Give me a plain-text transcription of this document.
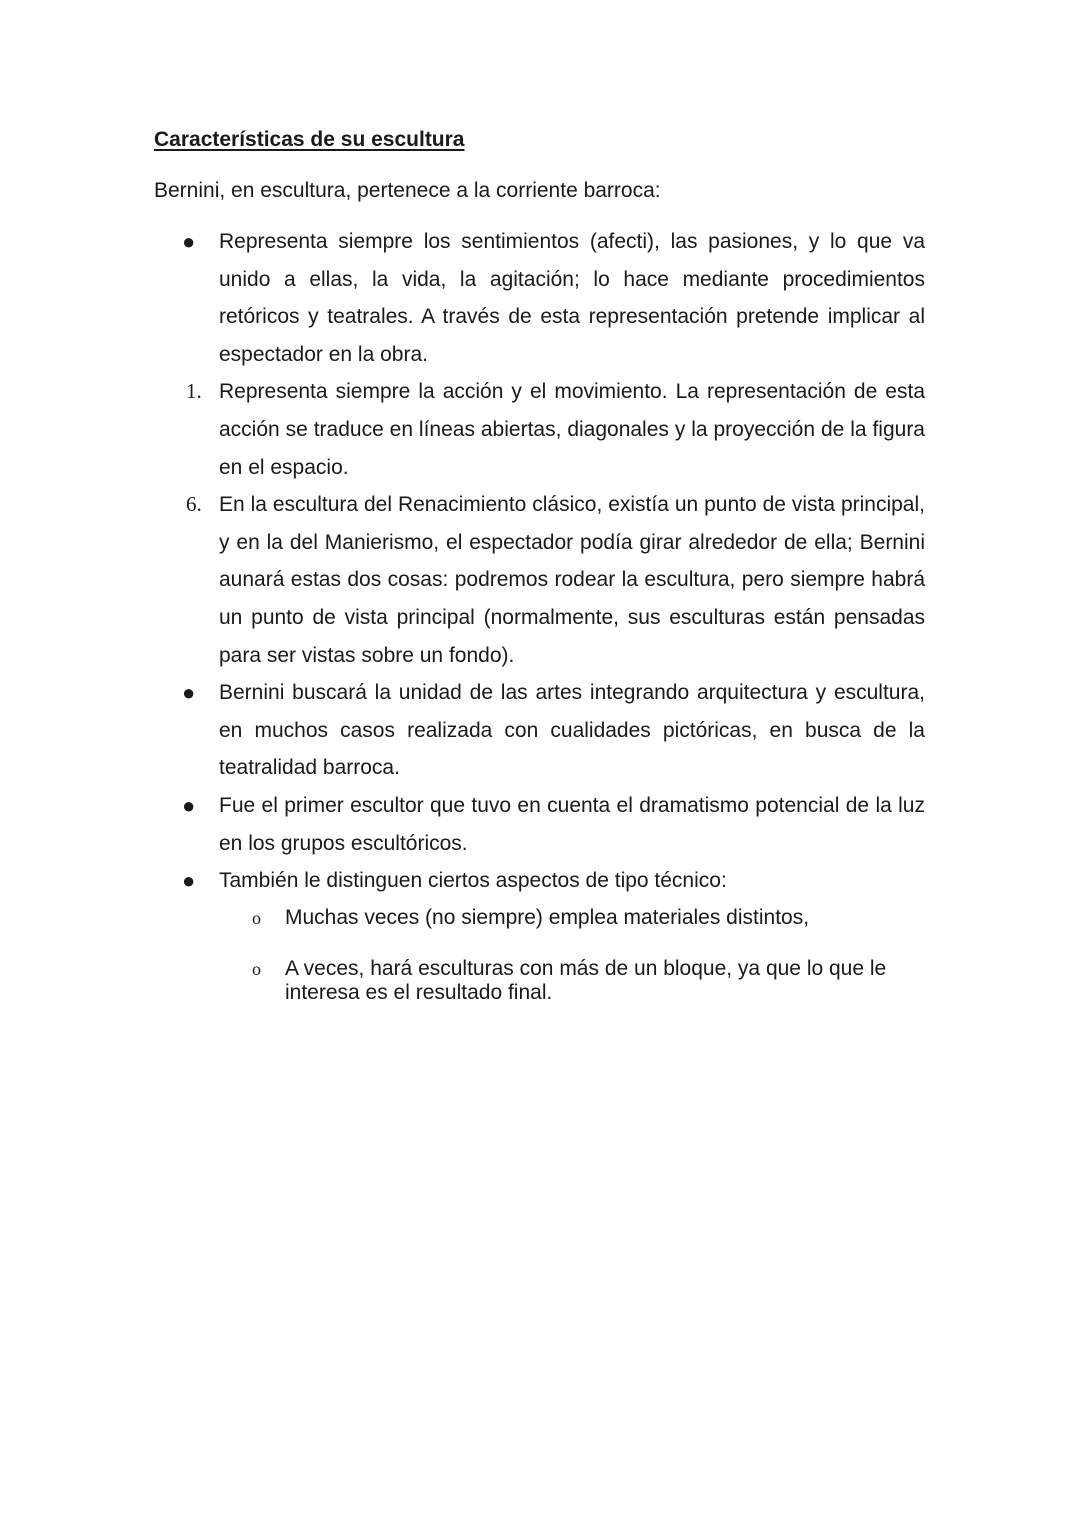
Características de su escultura
Bernini, en escultura, pertenece a la corriente barroca:
●	Representa siempre los sentimientos (afecti), las pasiones, y lo que va unido a ellas, la vida, la agitación; lo hace mediante procedimientos retóricos y teatrales. A través de esta representación pretende implicar al espectador en la obra.
1. Representa siempre la acción y el movimiento. La representación de esta acción se traduce en líneas abiertas, diagonales y la proyección de la figura en el espacio.
6. En la escultura del Renacimiento clásico, existía un punto de vista principal, y en la del Manierismo, el espectador podía girar alrededor de ella; Bernini aunará estas dos cosas: podremos rodear la escultura, pero siempre habrá un punto de vista principal (normalmente, sus esculturas están pensadas para ser vistas sobre un fondo).
●	Bernini buscará la unidad de las artes integrando arquitectura y escultura, en muchos casos realizada con cualidades pictóricas, en busca de la teatralidad barroca.
●	Fue el primer escultor que tuvo en cuenta el dramatismo potencial de la luz en los grupos escultóricos.
●	También le distinguen ciertos aspectos de tipo técnico:
o Muchas veces (no siempre) emplea materiales distintos,
o A veces, hará esculturas con más de un bloque, ya que lo que le interesa es el resultado final.
